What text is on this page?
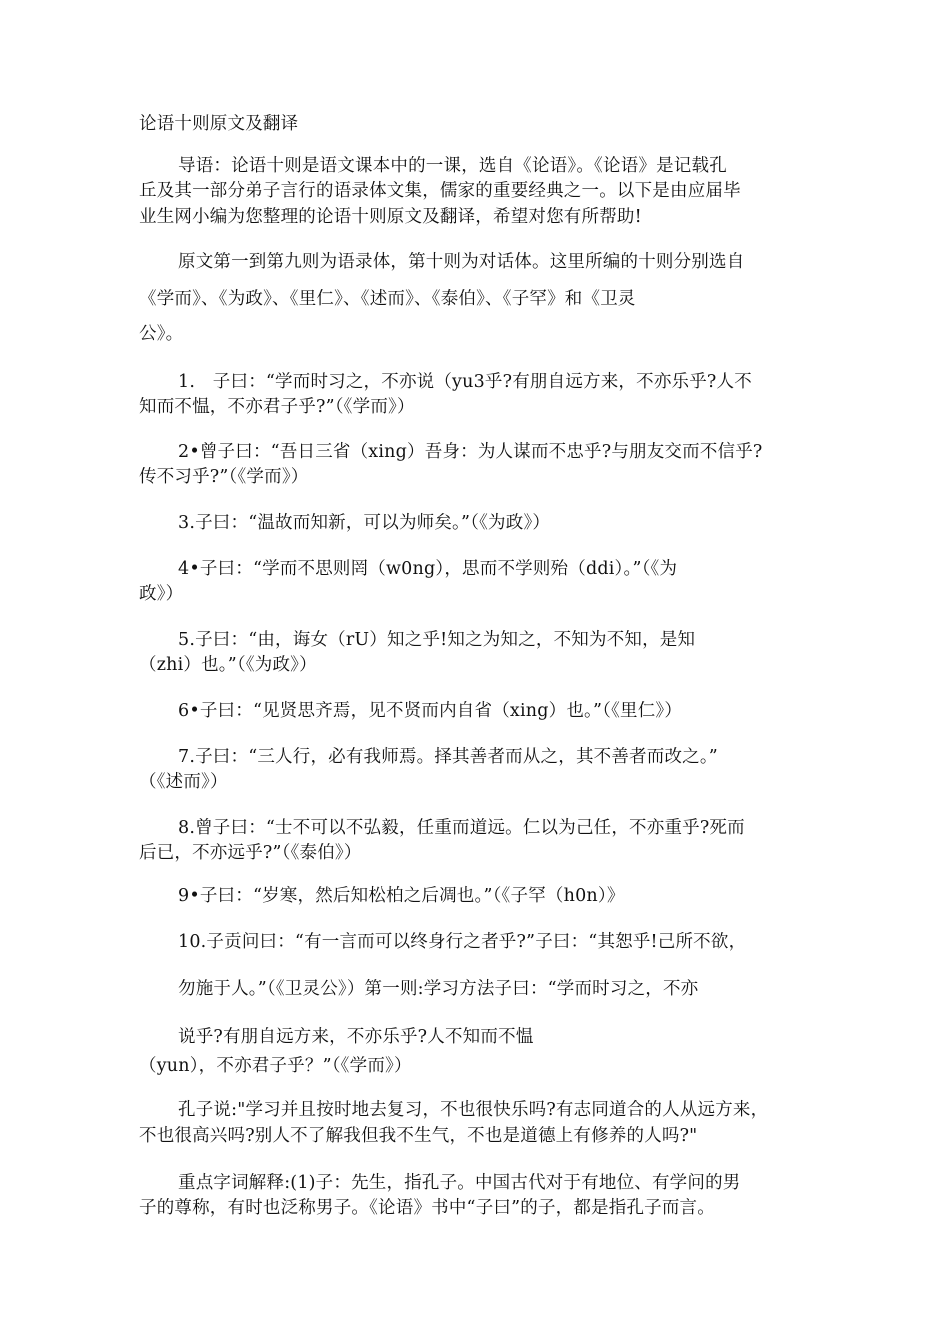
论语十则原文及翻译
导语：论语十则是语文课本中的一课，选自《论语》。《论语》是记载孔
丘及其一部分弟子言行的语录体文集，儒家的重要经典之一。以下是由应届毕
业生网小编为您整理的论语十则原文及翻译，希望对您有所帮助!
原文第一到第九则为语录体，第十则为对话体。这里所编的十则分别选自
《学而》、《为政》、《里仁》、《述而》、《泰伯》、《子罕》和《卫灵
公》。
1.　子曰：“学而时习之，不亦说（yu3乎?有朋自远方来，不亦乐乎?人不
知而不愠，不亦君子乎?”（《学而》）
2•曾子曰：“吾日三省（xing）吾身：为人谋而不忠乎?与朋友交而不信乎?
传不习乎?”（《学而》）
3.子曰：“温故而知新，可以为师矣。”（《为政》）
4•子曰：“学而不思则罔（w0ng），思而不学则殆（ddi）。”（《为
政》）
5.子曰：“由，诲女（rU）知之乎!知之为知之，不知为不知，是知
（zhi）也。”（《为政》）
6•子曰：“见贤思齐焉，见不贤而内自省（xing）也。”（《里仁》）
7.子曰：“三人行，必有我师焉。择其善者而从之，其不善者而改之。”
（《述而》）
8.曾子曰：“士不可以不弘毅，任重而道远。仁以为己任，不亦重乎?死而
后已，不亦远乎?”（《泰伯》）
9•子曰：“岁寒，然后知松柏之后凋也。”（《子罕（h0n）》
10.子贡问曰：“有一言而可以终身行之者乎?”子曰：“其恕乎!己所不欲，
勿施于人。”（《卫灵公》）第一则:学习方法子曰：“学而时习之，不亦
说乎?有朋自远方来，不亦乐乎?人不知而不愠
（yun），不亦君子乎？”（《学而》）
孔子说:"学习并且按时地去复习，不也很快乐吗?有志同道合的人从远方来，
不也很高兴吗?别人不了解我但我不生气，不也是道德上有修养的人吗?"
重点字词解释:(1)子：先生，指孔子。中国古代对于有地位、有学问的男
子的尊称，有时也泛称男子。《论语》书中“子曰”的子，都是指孔子而言。
